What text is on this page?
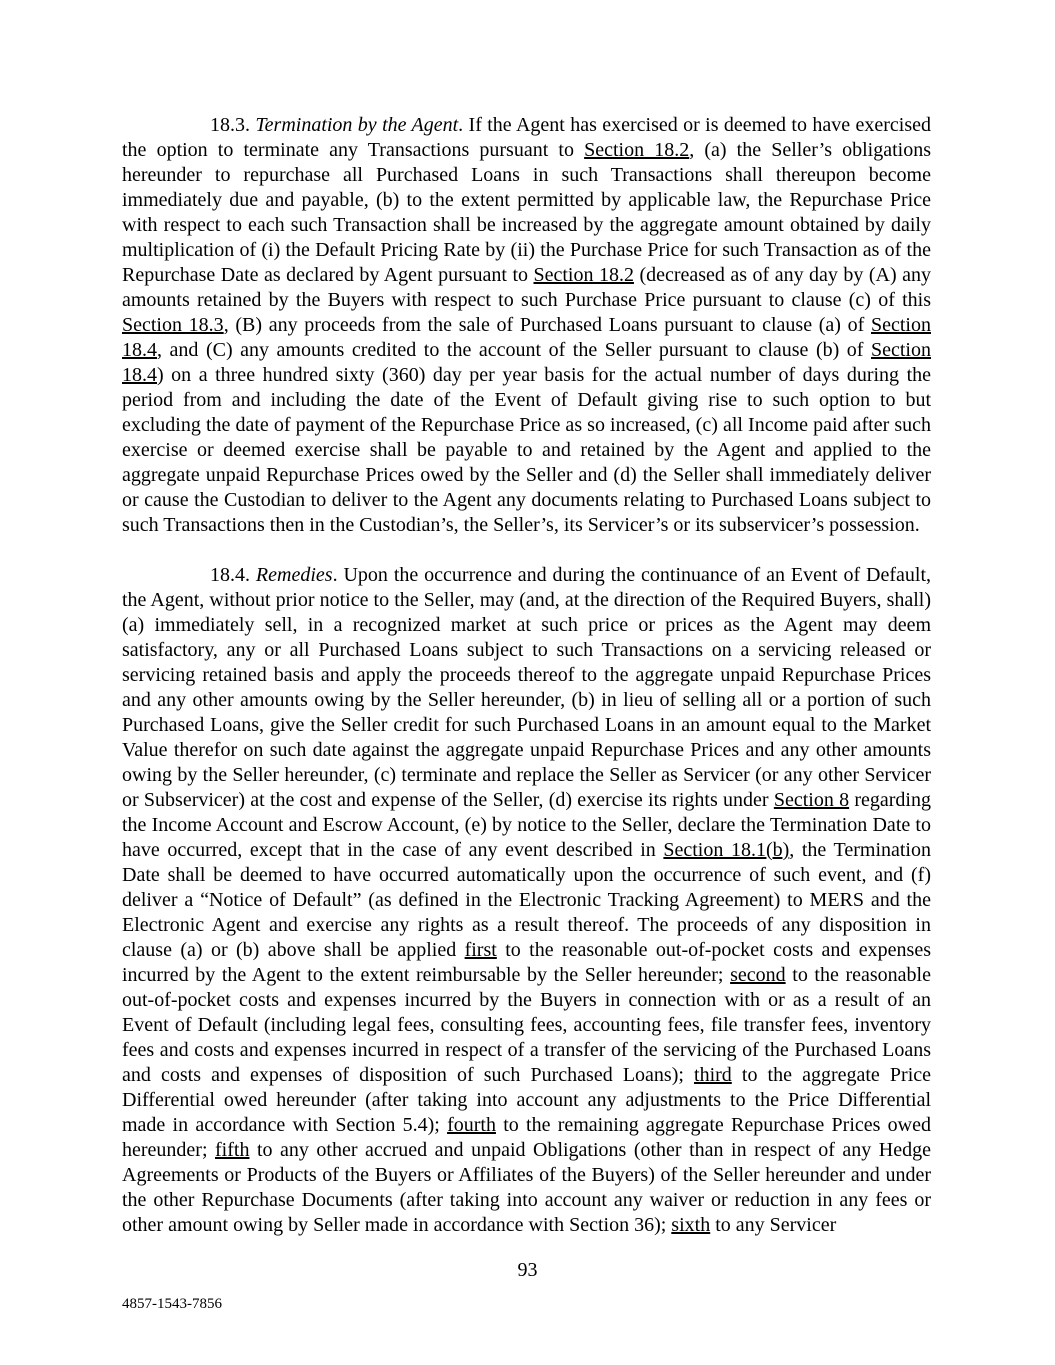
18.3. Termination by the Agent. If the Agent has exercised or is deemed to have exercised the option to terminate any Transactions pursuant to Section 18.2, (a) the Seller’s obligations hereunder to repurchase all Purchased Loans in such Transactions shall thereupon become immediately due and payable, (b) to the extent permitted by applicable law, the Repurchase Price with respect to each such Transaction shall be increased by the aggregate amount obtained by daily multiplication of (i) the Default Pricing Rate by (ii) the Purchase Price for such Transaction as of the Repurchase Date as declared by Agent pursuant to Section 18.2 (decreased as of any day by (A) any amounts retained by the Buyers with respect to such Purchase Price pursuant to clause (c) of this Section 18.3, (B) any proceeds from the sale of Purchased Loans pursuant to clause (a) of Section 18.4, and (C) any amounts credited to the account of the Seller pursuant to clause (b) of Section 18.4) on a three hundred sixty (360) day per year basis for the actual number of days during the period from and including the date of the Event of Default giving rise to such option to but excluding the date of payment of the Repurchase Price as so increased, (c) all Income paid after such exercise or deemed exercise shall be payable to and retained by the Agent and applied to the aggregate unpaid Repurchase Prices owed by the Seller and (d) the Seller shall immediately deliver or cause the Custodian to deliver to the Agent any documents relating to Purchased Loans subject to such Transactions then in the Custodian’s, the Seller’s, its Servicer’s or its subservicer’s possession.

18.4. Remedies. Upon the occurrence and during the continuance of an Event of Default, the Agent, without prior notice to the Seller, may (and, at the direction of the Required Buyers, shall) (a) immediately sell, in a recognized market at such price or prices as the Agent may deem satisfactory, any or all Purchased Loans subject to such Transactions on a servicing released or servicing retained basis and apply the proceeds thereof to the aggregate unpaid Repurchase Prices and any other amounts owing by the Seller hereunder, (b) in lieu of selling all or a portion of such Purchased Loans, give the Seller credit for such Purchased Loans in an amount equal to the Market Value therefor on such date against the aggregate unpaid Repurchase Prices and any other amounts owing by the Seller hereunder, (c) terminate and replace the Seller as Servicer (or any other Servicer or Subservicer) at the cost and expense of the Seller, (d) exercise its rights under Section 8 regarding the Income Account and Escrow Account, (e) by notice to the Seller, declare the Termination Date to have occurred, except that in the case of any event described in Section 18.1(b), the Termination Date shall be deemed to have occurred automatically upon the occurrence of such event, and (f) deliver a “Notice of Default” (as defined in the Electronic Tracking Agreement) to MERS and the Electronic Agent and exercise any rights as a result thereof. The proceeds of any disposition in clause (a) or (b) above shall be applied first to the reasonable out-of-pocket costs and expenses incurred by the Agent to the extent reimbursable by the Seller hereunder; second to the reasonable out-of-pocket costs and expenses incurred by the Buyers in connection with or as a result of an Event of Default (including legal fees, consulting fees, accounting fees, file transfer fees, inventory fees and costs and expenses incurred in respect of a transfer of the servicing of the Purchased Loans and costs and expenses of disposition of such Purchased Loans); third to the aggregate Price Differential owed hereunder (after taking into account any adjustments to the Price Differential made in accordance with Section 5.4); fourth to the remaining aggregate Repurchase Prices owed hereunder; fifth to any other accrued and unpaid Obligations (other than in respect of any Hedge Agreements or Products of the Buyers or Affiliates of the Buyers) of the Seller hereunder and under the other Repurchase Documents (after taking into account any waiver or reduction in any fees or other amount owing by Seller made in accordance with Section 36); sixth to any Servicer

93
4857-1543-7856
